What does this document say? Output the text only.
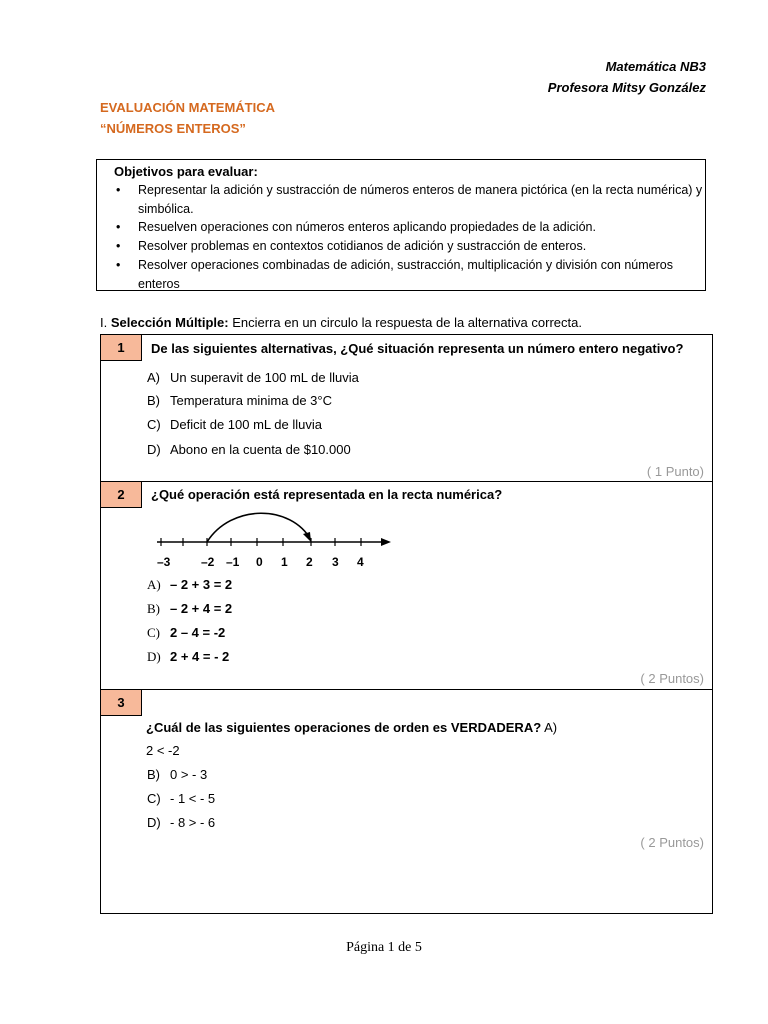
Matemática NB3
Profesora Mitsy González
EVALUACIÓN MATEMÁTICA
“NÚMEROS ENTEROS”
Objetivos para evaluar:
• Representar la adición y sustracción de números enteros de manera pictórica (en la recta numérica) y simbólica.
• Resuelven operaciones con números enteros aplicando propiedades de la adición.
• Resolver problemas en contextos cotidianos de adición y sustracción de enteros.
• Resolver operaciones combinadas de adición, sustracción, multiplicación y división con números enteros
I. Selección Múltiple: Encierra en un circulo la respuesta de la alternativa correcta.
1	De las siguientes alternativas, ¿Qué situación representa un número entero negativo?
A) Un superavit de 100 mL de lluvia
B) Temperatura minima de 3°C
C) Deficit de 100 mL de lluvia
D) Abono en la cuenta de $10.000
( 1 Punto)
2	¿Qué operación está representada en la recta numérica?
–3	–2 –1 0 1 2 3 4
A) – 2 + 3 = 2
B) – 2 + 4 = 2
C) 2 – 4 = -2
D) 2 + 4 = - 2
( 2 Puntos)
3
¿Cuál de las siguientes operaciones de orden es VERDADERA? A)
2 < -2
B) 0 > - 3
C) - 1 < - 5
D) - 8 > - 6
( 2 Puntos)
Página 1 de 5
